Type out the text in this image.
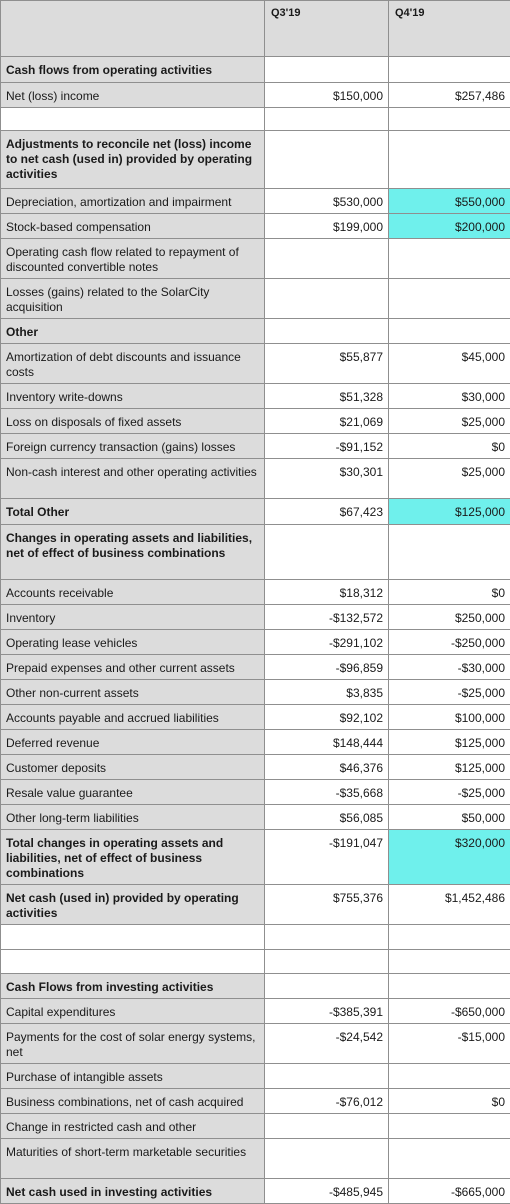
	Q3'19	Q4'19
Cash flows from operating activities		
Net (loss) income	$150,000	$257,486

Adjustments to reconcile net (loss) income to net cash (used in) provided by operating activities		
Depreciation, amortization and impairment	$530,000	$550,000
Stock-based compensation	$199,000	$200,000
Operating cash flow related to repayment of discounted convertible notes		
Losses (gains) related to the SolarCity acquisition		
Other		
Amortization of debt discounts and issuance costs	$55,877	$45,000
Inventory write-downs	$51,328	$30,000
Loss on disposals of fixed assets	$21,069	$25,000
Foreign currency transaction (gains) losses	-$91,152	$0
Non-cash interest and other operating activities	$30,301	$25,000
Total Other	$67,423	$125,000
Changes in operating assets and liabilities, net of effect of business combinations		
Accounts receivable	$18,312	$0
Inventory	-$132,572	$250,000
Operating lease vehicles	-$291,102	-$250,000
Prepaid expenses and other current assets	-$96,859	-$30,000
Other non-current assets	$3,835	-$25,000
Accounts payable and accrued liabilities	$92,102	$100,000
Deferred revenue	$148,444	$125,000
Customer deposits	$46,376	$125,000
Resale value guarantee	-$35,668	-$25,000
Other long-term liabilities	$56,085	$50,000
Total changes in operating assets and liabilities, net of effect of business combinations	-$191,047	$320,000
Net cash (used in) provided by operating activities	$755,376	$1,452,486

Cash Flows from investing activities		
Capital expenditures	-$385,391	-$650,000
Payments for the cost of solar energy systems, net	-$24,542	-$15,000
Purchase of intangible assets		
Business combinations, net of cash acquired	-$76,012	$0
Change in restricted cash and other		
Maturities of short-term marketable securities		
Net cash used in investing activities	-$485,945	-$665,000
